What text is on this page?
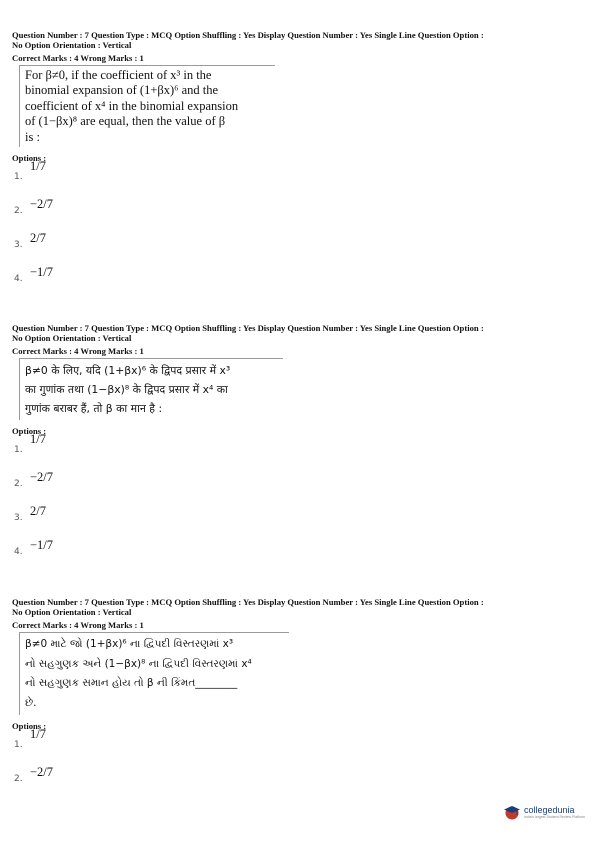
Question Number : 7 Question Type : MCQ Option Shuffling : Yes Display Question Number : Yes Single Line Question Option :
No Option Orientation : Vertical
Correct Marks : 4 Wrong Marks : 1
For β≠0, if the coefficient of x³ in the
binomial expansion of (1+βx)⁶ and the
coefficient of x⁴ in the binomial expansion
of (1−βx)⁸ are equal, then the value of β
is :
Options :
1.
1/7
2. −2/7
3. 2/7
4. −1/7
Question Number : 7 Question Type : MCQ Option Shuffling : Yes Display Question Number : Yes Single Line Question Option :
No Option Orientation : Vertical
Correct Marks : 4 Wrong Marks : 1
β≠0 के लिए, यदि (1+βx)⁶ के द्विपद प्रसार में x³
का गुणांक तथा (1−βx)⁸ के द्विपद प्रसार में x⁴ का
गुणांक बराबर हैं, तो β का मान है :
Options :
1.
1/7
2. −2/7
3. 2/7
4. −1/7
Question Number : 7 Question Type : MCQ Option Shuffling : Yes Display Question Number : Yes Single Line Question Option :
No Option Orientation : Vertical
Correct Marks : 4 Wrong Marks : 1
β≠0 માટે જો (1+βx)⁶ ના દ્વિપદી વિસ્તરણમાં x³
નો સહગુણક અને (1−βx)⁸ ના દ્વિપદી વિસ્તરણમાં x⁴
નો સહગુણક સમાન હોય તો β ની કિંમત________
છે.
Options :
1.
1/7
2. −2/7
collegedunia
India's largest Student Review Platform
